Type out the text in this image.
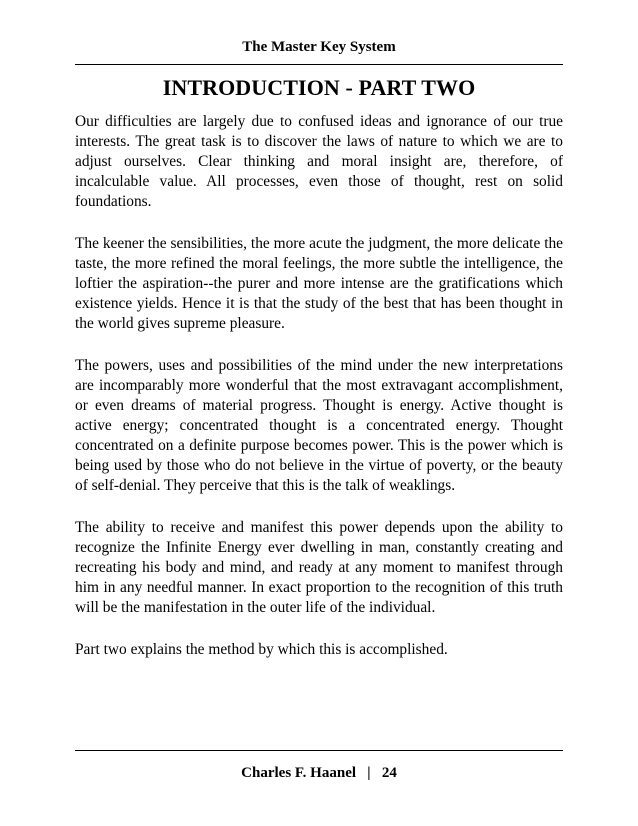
The Master Key System
INTRODUCTION - PART TWO

Our difficulties are largely due to confused ideas and ignorance of our true interests. The great task is to discover the laws of nature to which we are to adjust ourselves. Clear thinking and moral insight are, therefore, of incalculable value. All processes, even those of thought, rest on solid foundations.

The keener the sensibilities, the more acute the judgment, the more delicate the taste, the more refined the moral feelings, the more subtle the intelligence, the loftier the aspiration--the purer and more intense are the gratifications which existence yields. Hence it is that the study of the best that has been thought in the world gives supreme pleasure.

The powers, uses and possibilities of the mind under the new interpretations are incomparably more wonderful that the most extravagant accomplishment, or even dreams of material progress. Thought is energy. Active thought is active energy; concentrated thought is a concentrated energy. Thought concentrated on a definite purpose becomes power. This is the power which is being used by those who do not believe in the virtue of poverty, or the beauty of self-denial. They perceive that this is the talk of weaklings.

The ability to receive and manifest this power depends upon the ability to recognize the Infinite Energy ever dwelling in man, constantly creating and recreating his body and mind, and ready at any moment to manifest through him in any needful manner. In exact proportion to the recognition of this truth will be the manifestation in the outer life of the individual.

Part two explains the method by which this is accomplished.

Charles F. Haanel | 24
